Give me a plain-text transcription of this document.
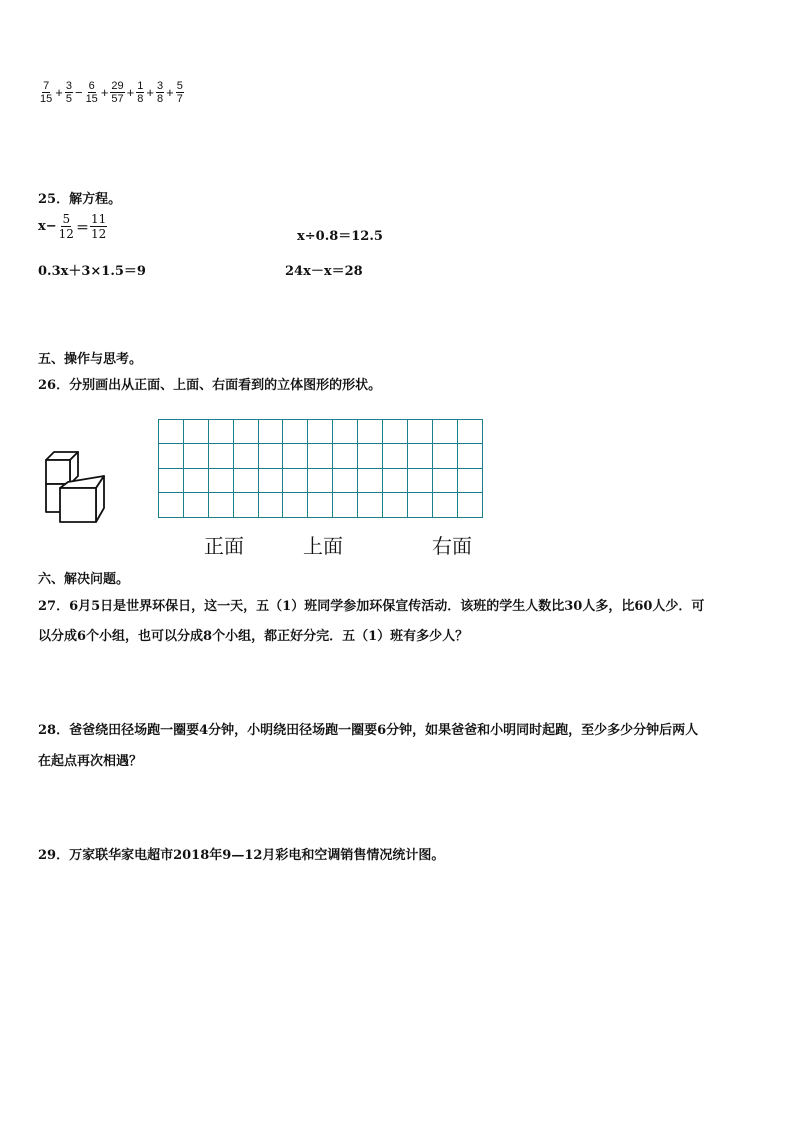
$\frac{7}{15} + \frac{3}{5} - \frac{6}{15} + \frac{29}{57} + \frac{1}{8} + \frac{3}{8} + \frac{5}{7}$
25．解方程。
$x- \frac{5}{12} = \frac{11}{12}$	x÷0.8＝12.5
0.3x＋3×1.5＝9	24x－x＝28
五、操作与思考。
26．分别画出从正面、上面、右面看到的立体图形的形状。

正面	上面	右面
六、解决问题。
27．6月5日是世界环保日，这一天，五（1）班同学参加环保宣传活动．该班的学生人数比30人多，比60人少．可
以分成6个小组，也可以分成8个小组，都正好分完．五（1）班有多少人？
28．爸爸绕田径场跑一圈要4分钟，小明绕田径场跑一圈要6分钟，如果爸爸和小明同时起跑，至少多少分钟后两人
在起点再次相遇？
29．万家联华家电超市2018年9—12月彩电和空调销售情况统计图。
